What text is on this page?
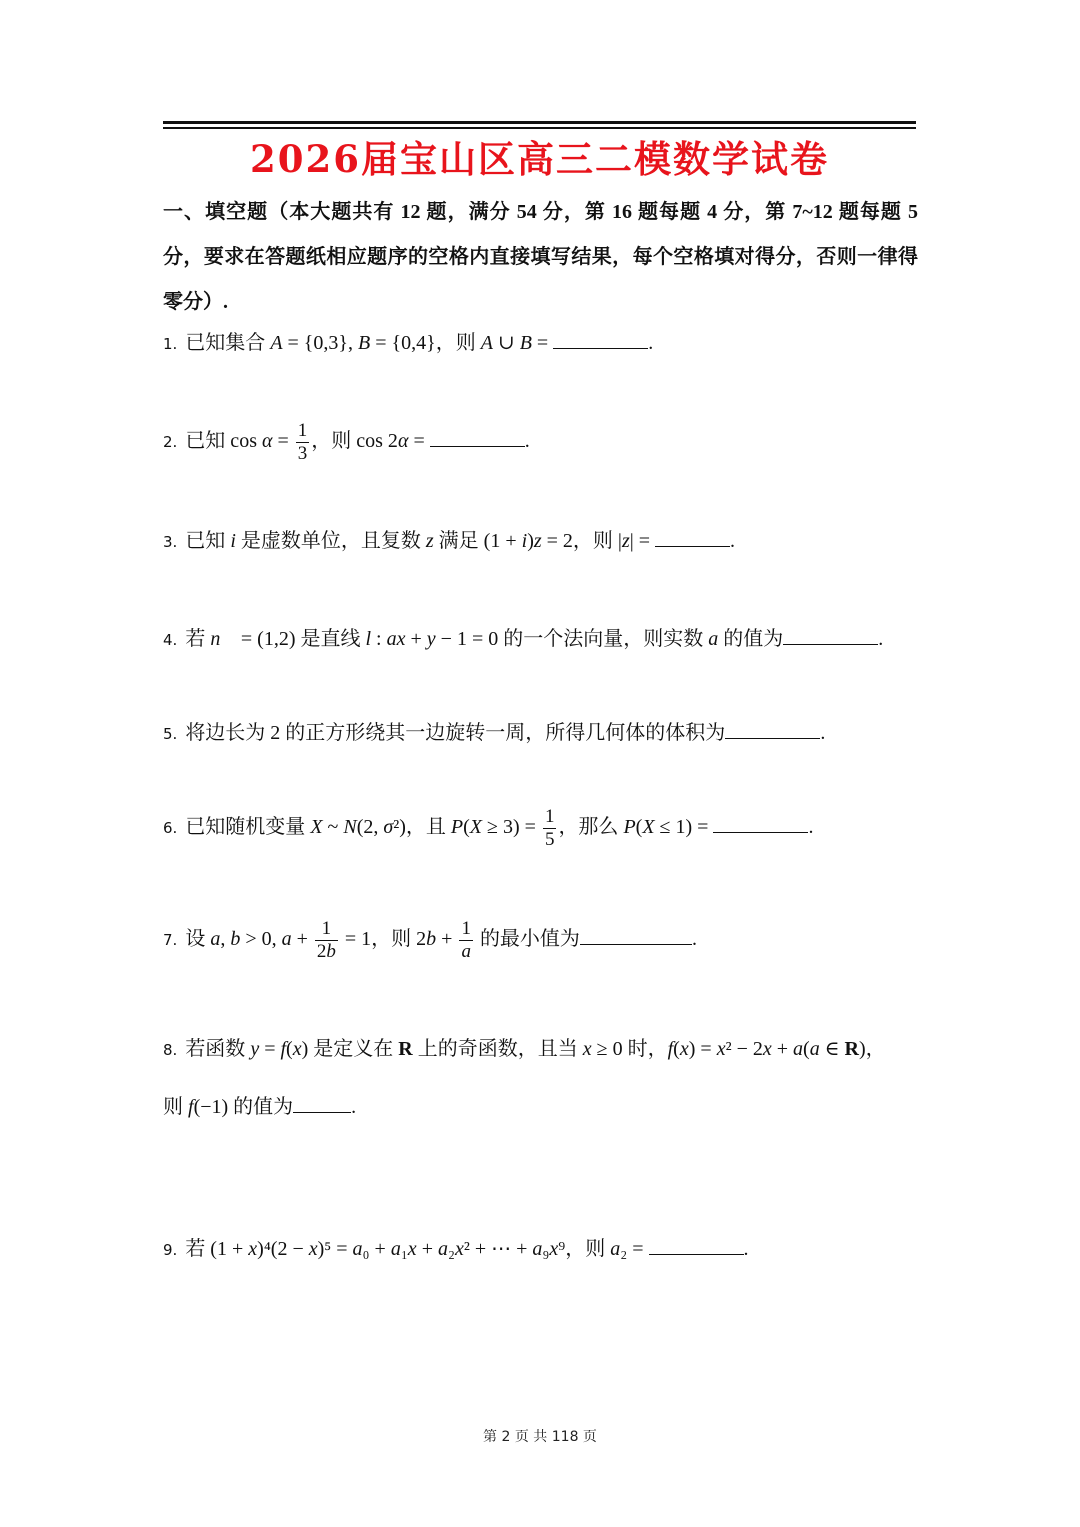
2026届宝山区高三二模数学试卷
一、填空题（本大题共有 12 题，满分 54 分，第 16 题每题 4 分，第 7~12 题每题 5 分，要求在答题纸相应题序的空格内直接填写结果，每个空格填对得分，否则一律得零分）.
1. 已知集合 A = {0,3}, B = {0,4}，则 A ∪ B =	.
2. 已知 $\cos \alpha = \frac{1}{3}$ ，则 cos 2α =	.
3. 已知 i 是虚数单位，且复数 z 满足 (1 + i)z = 2，则 |z| =	.
4. 若 n⃗ = (1,2) 是直线 l : ax + y − 1 = 0 的一个法向量，则实数 a 的值为	.
5. 将边长为 2 的正方形绕其一边旋转一周，所得几何体的体积为	.
6. 已知随机变量 X ~ N(2, σ²)，且 $P(X \ge 3) = \frac{1}{5}$ ，那么 P(X ≤ 1) =	.
7. 设 a, b > 0, $a + \frac{1}{2b} = 1$，则 $2b + \frac{1}{a}$ 的最小值为	.
8. 若函数 y = f(x) 是定义在 R 上的奇函数，且当 x ≥ 0 时，f(x) = x² − 2x + a(a ∈ R)，
则 f(−1) 的值为	.
9. 若 (1 + x)⁴(2 − x)⁵ = a₀ + a₁x + a₂x² + ⋯ + a₉x⁹，则 a₂ =	.
第 2 页 共 118 页
